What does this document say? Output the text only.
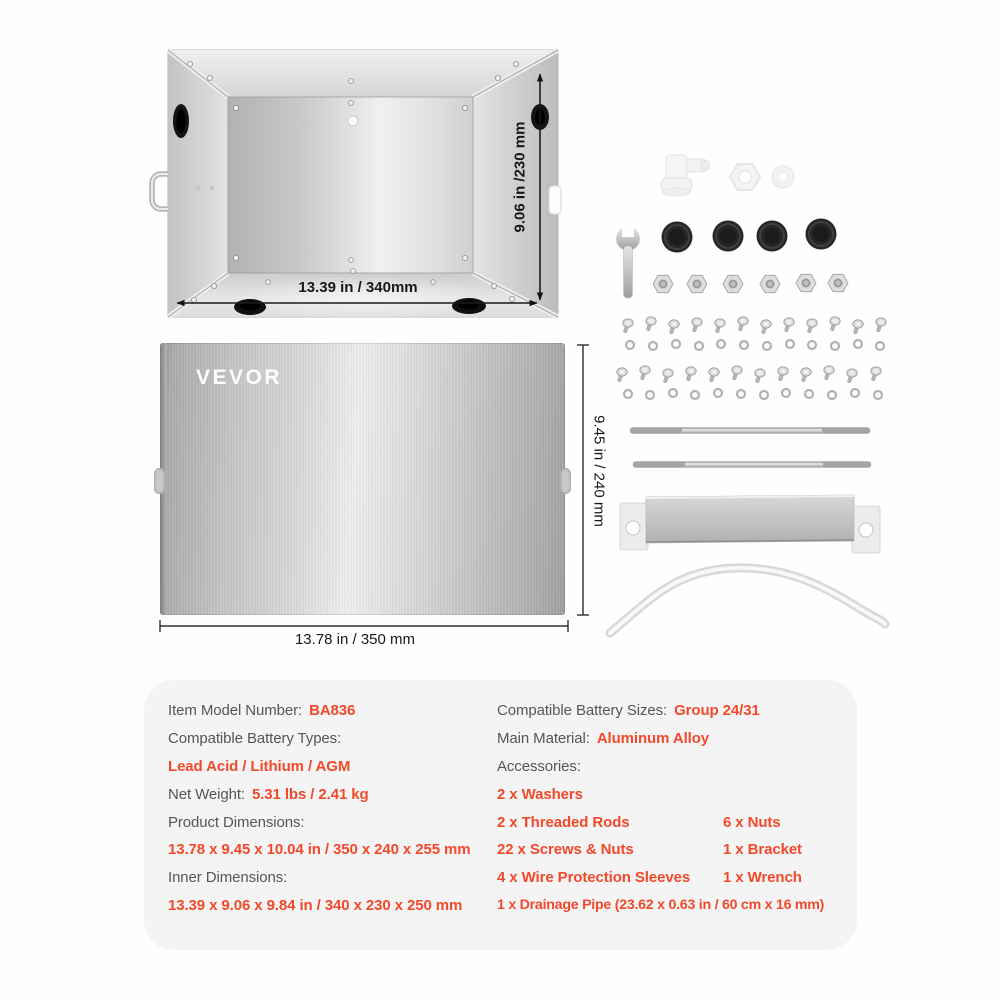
VEVOR
9.06 in /230 mm
13.39 in / 340mm
9.45 in / 240 mm
13.78 in / 350 mm
Item Model Number: BA836
Compatible Battery Types:
Lead Acid / Lithium / AGM
Net Weight: 5.31 lbs / 2.41 kg
Product Dimensions:
13.78 x 9.45 x 10.04 in / 350 x 240 x 255 mm
Inner Dimensions:
13.39 x 9.06 x 9.84 in / 340 x 230 x 250 mm
Compatible Battery Sizes: Group 24/31
Main Material: Aluminum Alloy
Accessories:
2 x Washers
2 x Threaded Rods	6 x Nuts
22 x Screws & Nuts	1 x Bracket
4 x Wire Protection Sleeves	1 x Wrench
1 x Drainage Pipe (23.62 x 0.63 in / 60 cm x 16 mm)
